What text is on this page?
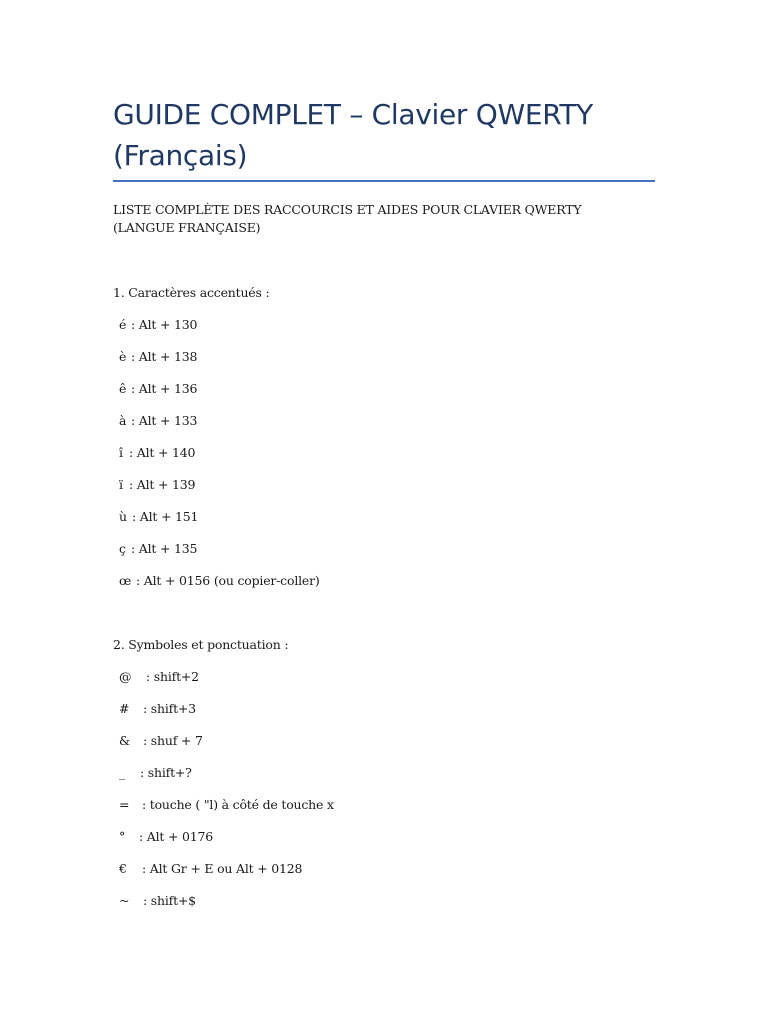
GUIDE COMPLET – Clavier QWERTY
(Français)

LISTE COMPLÈTE DES RACCOURCIS ET AIDES POUR CLAVIER QWERTY (LANGUE FRANÇAISE)

1. Caractères accentués :
é : Alt + 130
è : Alt + 138
ê : Alt + 136
à : Alt + 133
î : Alt + 140
ï : Alt + 139
ù : Alt + 151
ç : Alt + 135
œ : Alt + 0156 (ou copier-coller)
2. Symboles et ponctuation :
@ : shift+2
# : shift+3
& : shuf + 7
_ : shift+?
= : touche ( "l) à côté de touche x
° : Alt + 0176
€ : Alt Gr + E ou Alt + 0128
~ : shift+$
